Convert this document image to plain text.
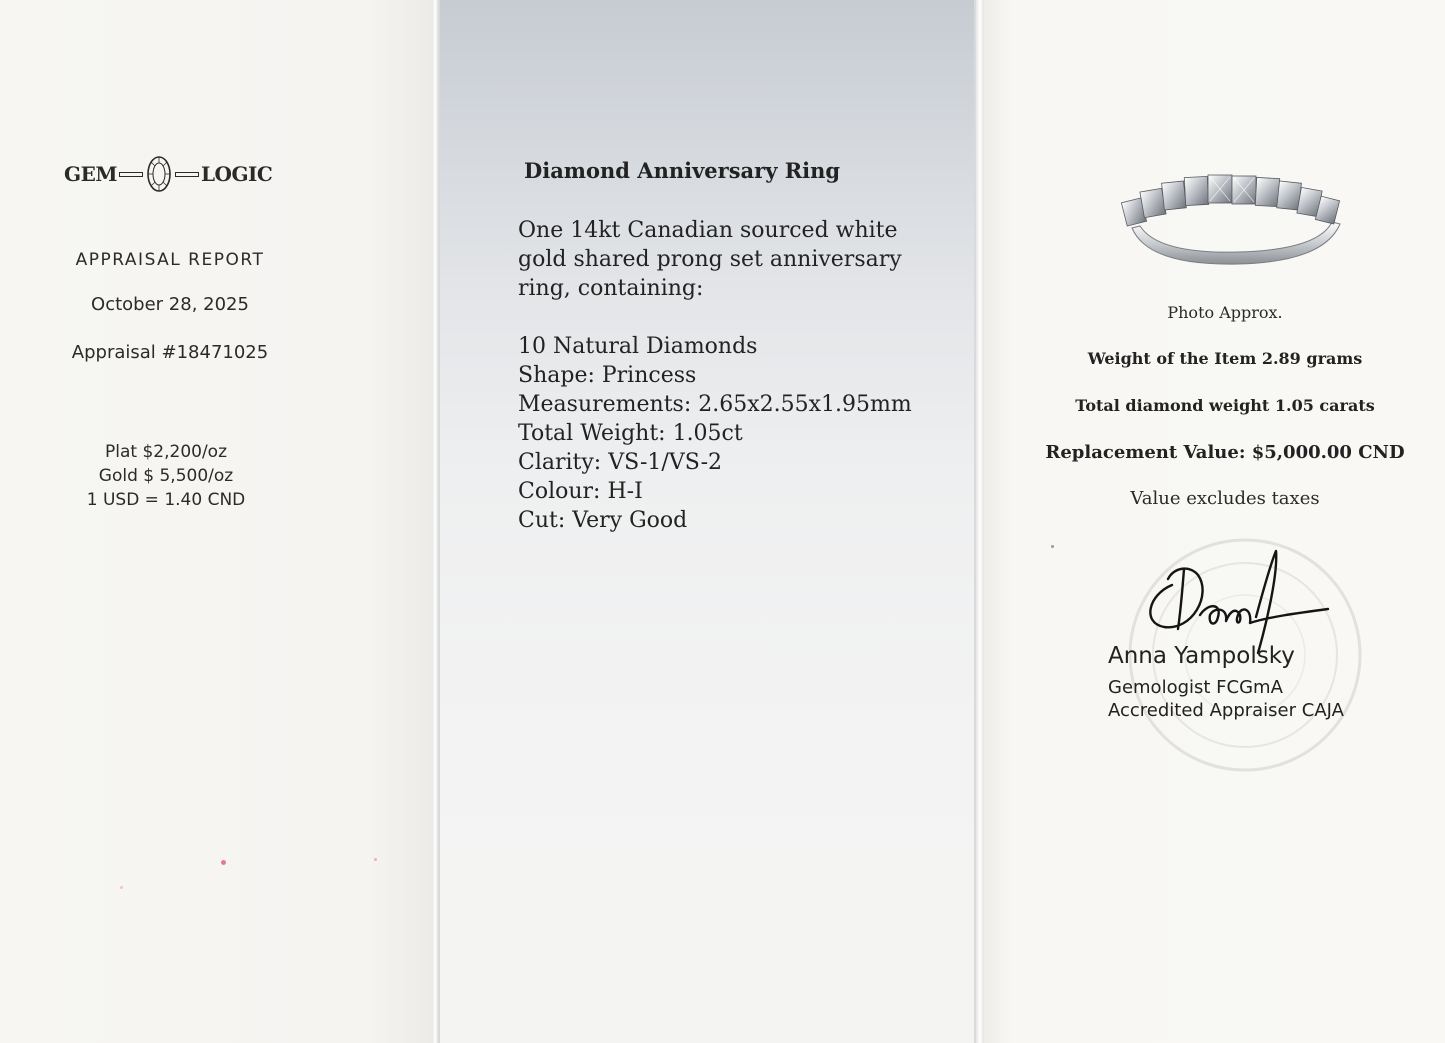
GEM	LOGIC
APPRAISAL REPORT
October 28, 2025
Appraisal #18471025
Plat $2,200/oz
Gold $ 5,500/oz
1 USD = 1.40 CND
Diamond Anniversary Ring
One 14kt Canadian sourced white
gold shared prong set anniversary
ring, containing:
10 Natural Diamonds
Shape: Princess
Measurements: 2.65x2.55x1.95mm
Total Weight: 1.05ct
Clarity: VS-1/VS-2
Colour: H-I
Cut: Very Good
Photo Approx.
Weight of the Item 2.89 grams
Total diamond weight 1.05 carats
Replacement Value: $5,000.00 CND
Value excludes taxes
Anna Yampolsky
Gemologist FCGmA
Accredited Appraiser CAJA
